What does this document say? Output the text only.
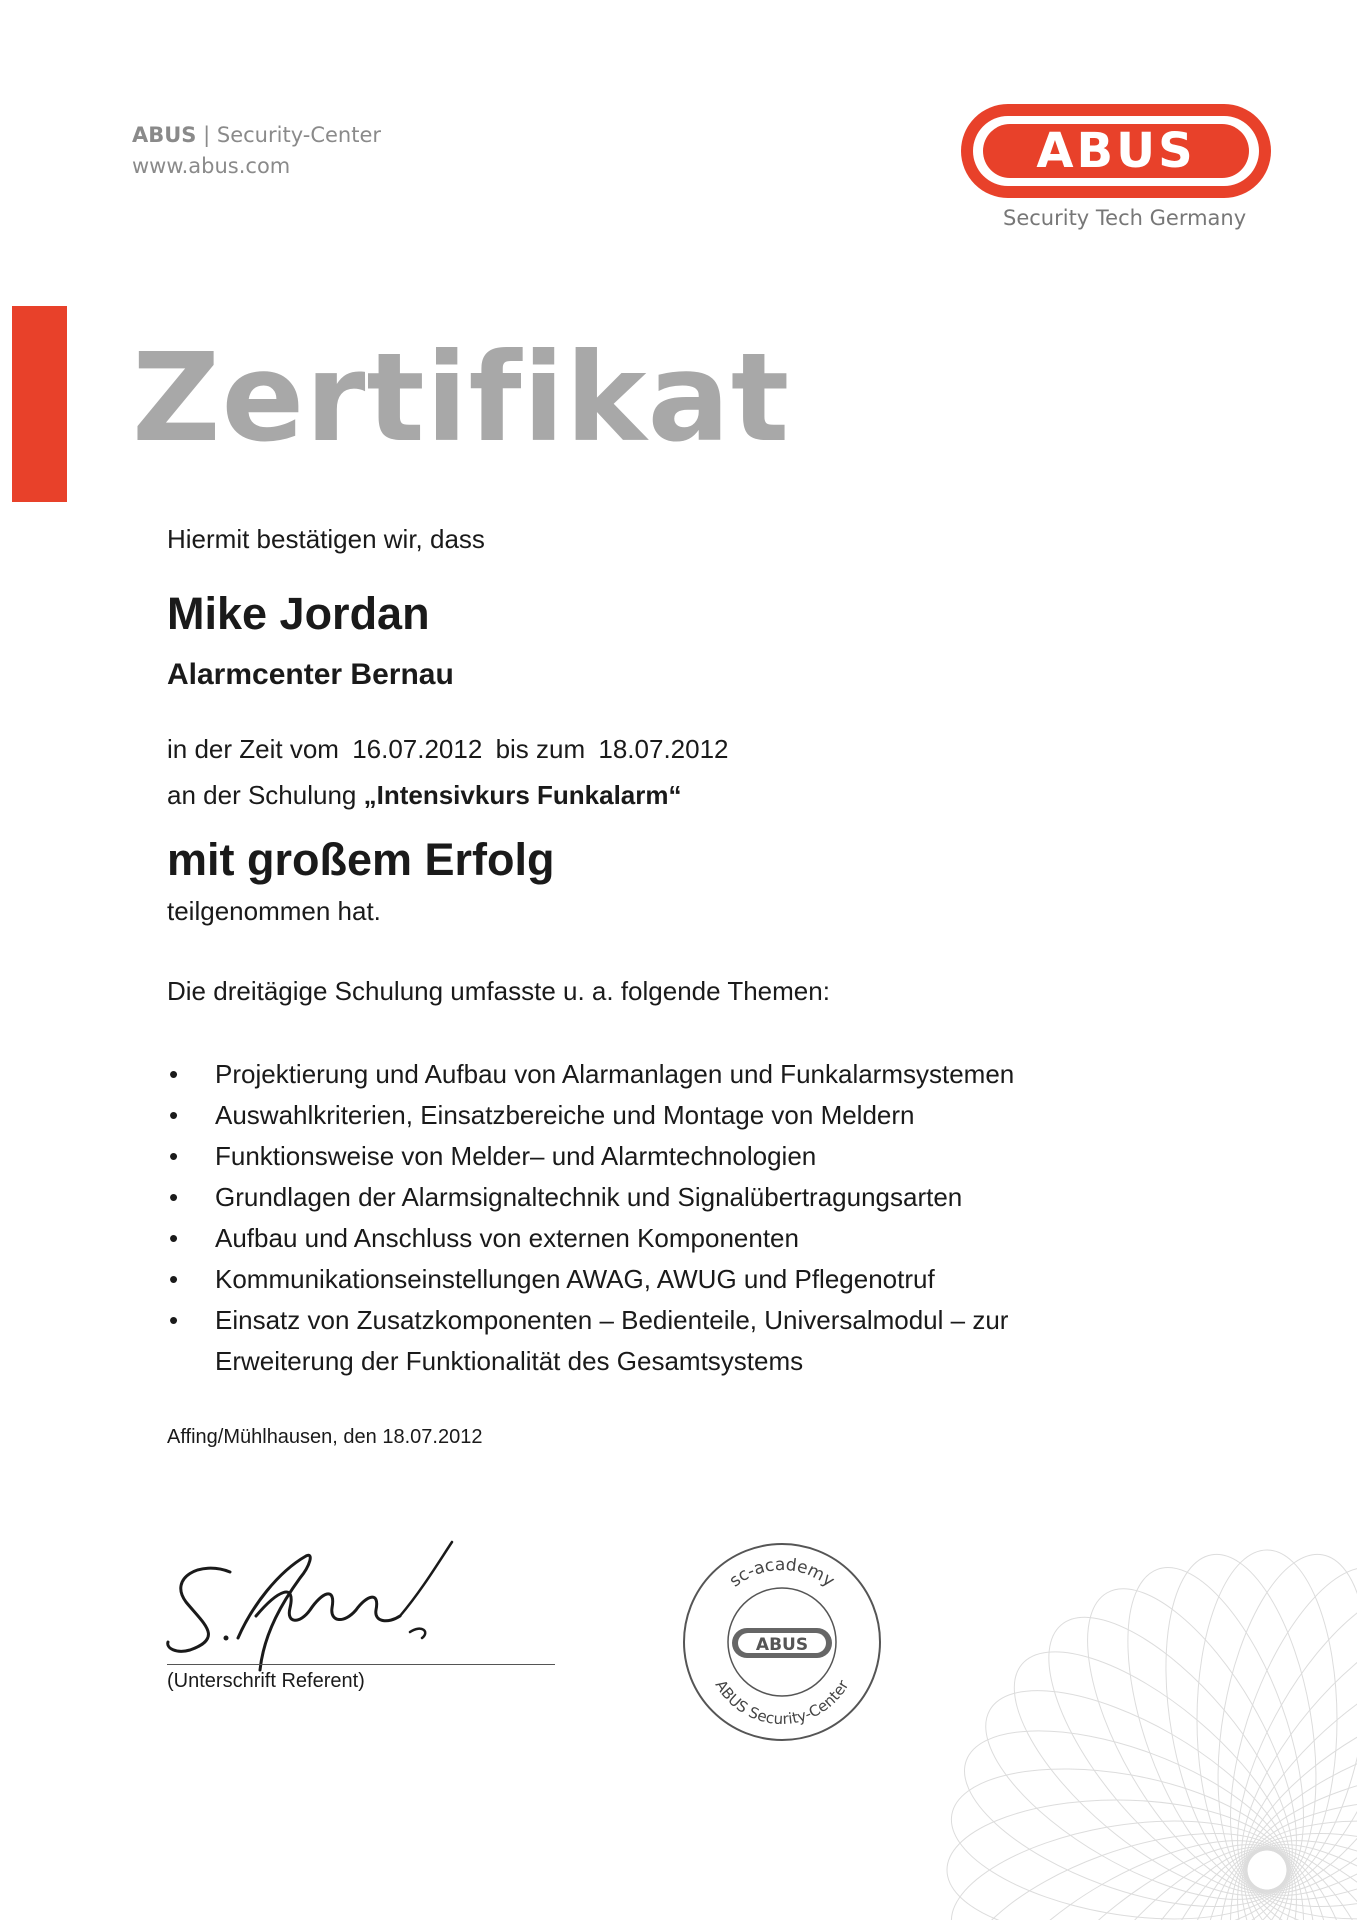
ABUS | Security-Center
www.abus.com	ABUS
Security Tech Germany
Zertifikat
Hiermit bestätigen wir, dass
Mike Jordan
Alarmcenter Bernau
in der Zeit vom 16.07.2012 bis zum 18.07.2012
an der Schulung „Intensivkurs Funkalarm“
mit großem Erfolg
teilgenommen hat.
Die dreitägige Schulung umfasste u. a. folgende Themen:
• Projektierung und Aufbau von Alarmanlagen und Funkalarmsystemen
• Auswahlkriterien, Einsatzbereiche und Montage von Meldern
• Funktionsweise von Melder– und Alarmtechnologien
• Grundlagen der Alarmsignaltechnik und Signalübertragungsarten
• Aufbau und Anschluss von externen Komponenten
• Kommunikationseinstellungen AWAG, AWUG und Pflegenotruf
• Einsatz von Zusatzkomponenten – Bedienteile, Universalmodul – zur
Erweiterung der Funktionalität des Gesamtsystems
Affing/Mühlhausen, den 18.07.2012
(Unterschrift Referent)
sc-academy
ABUS
ABUS Security-Center
